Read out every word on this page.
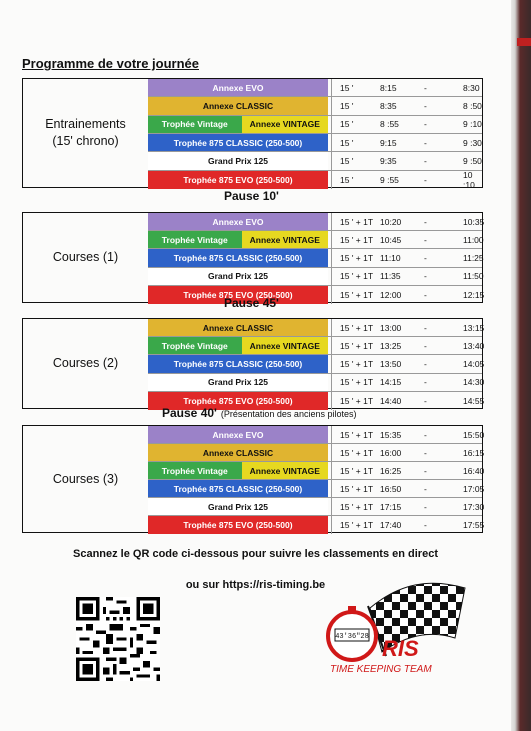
Programme de votre journée
Entrainements
(15' chrono)
Annexe EVO	15 '	8:15	-	8:30
Annexe CLASSIC	15 '	8:35	-	8 :50
Trophée Vintage	Annexe VINTAGE	15 '	8 :55	-	9 :10
Trophée 875 CLASSIC (250-500)	15 '	9:15	-	9 :30
Grand Prix 125	15 '	9:35	-	9 :50
Trophée 875 EVO (250-500)	15 '	9 :55	-	10 :10
Courses (1)
Annexe EVO	15 ' + 1T 10:20	-	10:35
Trophée Vintage	Annexe VINTAGE	15 ' + 1T 10:45	-	11:00
Trophée 875 CLASSIC (250-500)	15 ' + 1T 11:10	-	11:25
Grand Prix 125	15 ' + 1T 11:35	-	11:50
Trophée 875 EVO (250-500)	15 ' + 1T 12:00	-	12:15
Courses (2)
Annexe CLASSIC	15 ' + 1T 13:00	-	13:15
Trophée Vintage	Annexe VINTAGE	15 ' + 1T 13:25	-	13:40
Trophée 875 CLASSIC (250-500)	15 ' + 1T 13:50	-	14:05
Grand Prix 125	15 ' + 1T 14:15	-	14:30
Trophée 875 EVO (250-500)	15 ' + 1T 14:40	-	14:55
Courses (3)
Annexe EVO	15 ' + 1T 15:35	-	15:50
Annexe CLASSIC	15 ' + 1T 16:00	-	16:15
Trophée Vintage	Annexe VINTAGE	15 ' + 1T 16:25	-	16:40
Trophée 875 CLASSIC (250-500)	15 ' + 1T 16:50	-	17:05
Grand Prix 125	15 ' + 1T 17:15	-	17:30
Trophée 875 EVO (250-500)	15 ' + 1T 17:40	-	17:55
Pause 10'
Pause 45'
Pause 40' (Présentation des anciens pilotes)
Scannez le QR code ci-dessous pour suivre les classements en direct
ou sur https://ris-timing.be
43'36"28 RIS
TIME KEEPING TEAM
